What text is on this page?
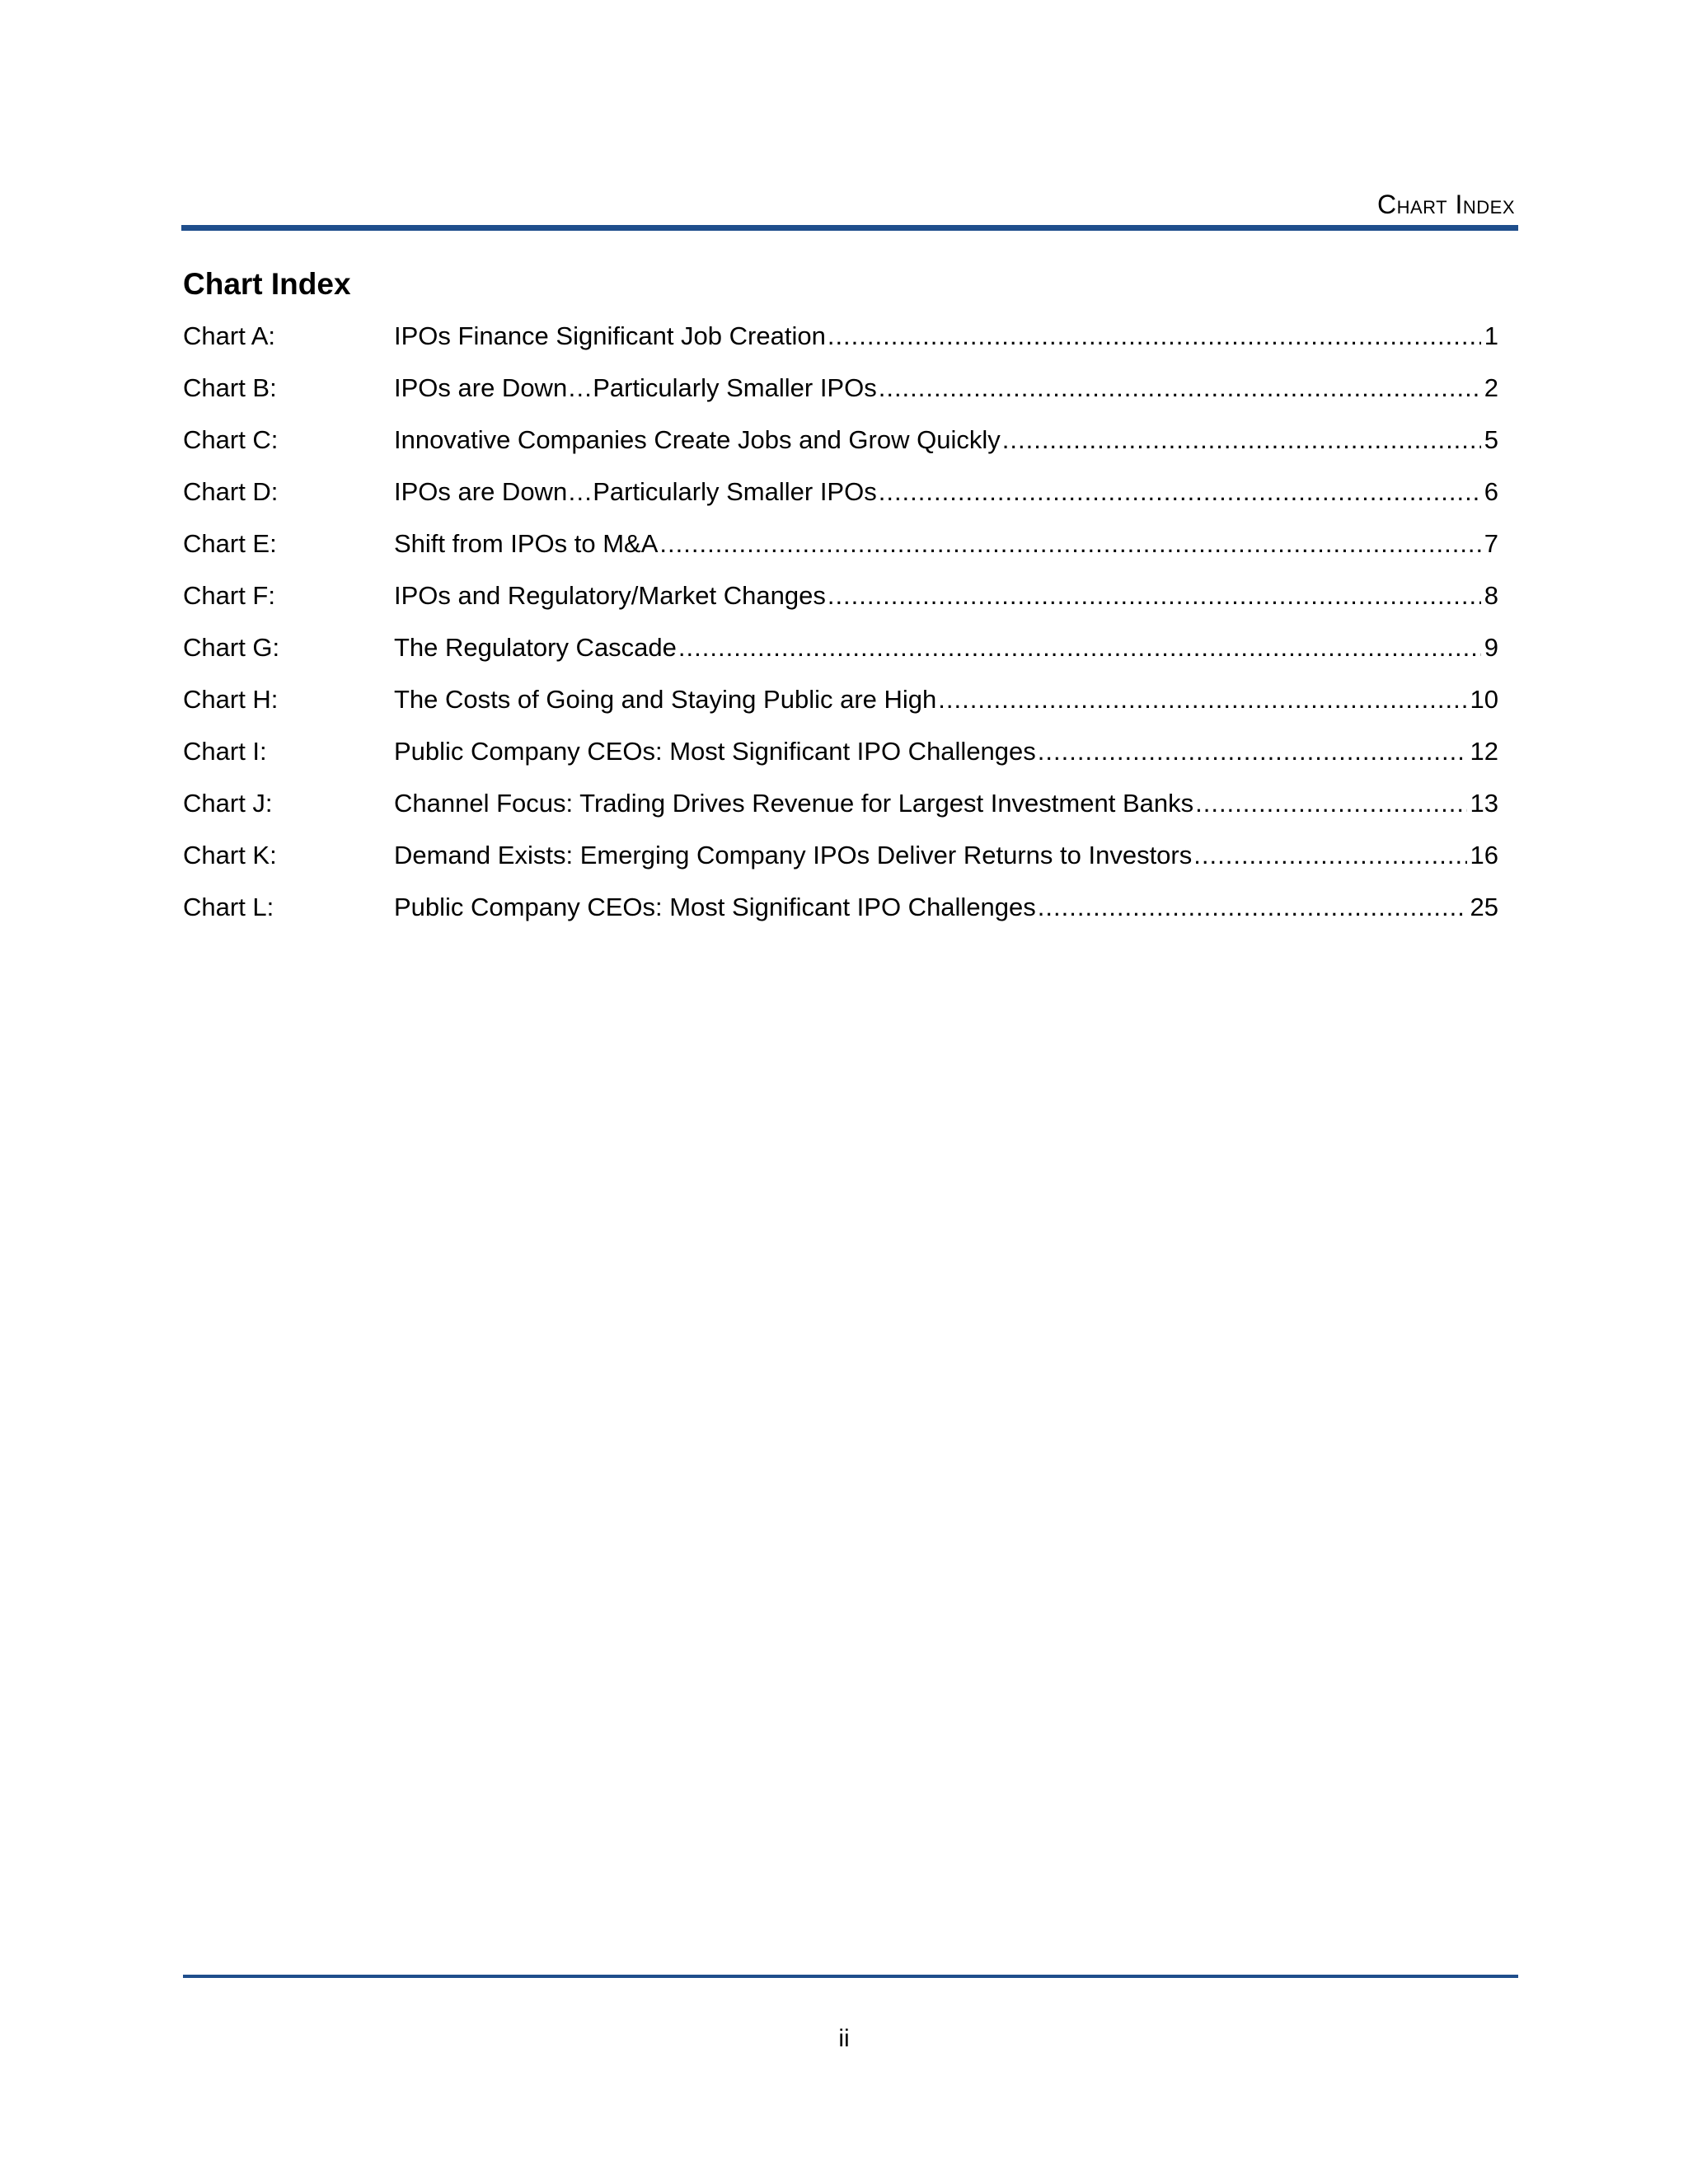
Chart Index
Chart Index
Chart A:	IPOs Finance Significant Job Creation .....	1
Chart B:	IPOs are Down…Particularly Smaller IPOs .....	2
Chart C:	Innovative Companies Create Jobs and Grow Quickly .....	5
Chart D:	IPOs are Down…Particularly Smaller IPOs .....	6
Chart E:	Shift from IPOs to M&A .....	7
Chart F:	IPOs and Regulatory/Market Changes .....	8
Chart G:	The Regulatory Cascade .....	9
Chart H:	The Costs of Going and Staying Public are High .....	10
Chart I:	Public Company CEOs: Most Significant IPO Challenges .....	12
Chart J:	Channel Focus: Trading Drives Revenue for Largest Investment Banks .....	13
Chart K:	Demand Exists: Emerging Company IPOs Deliver Returns to Investors .....	16
Chart L:	Public Company CEOs: Most Significant IPO Challenges .....	25
ii
